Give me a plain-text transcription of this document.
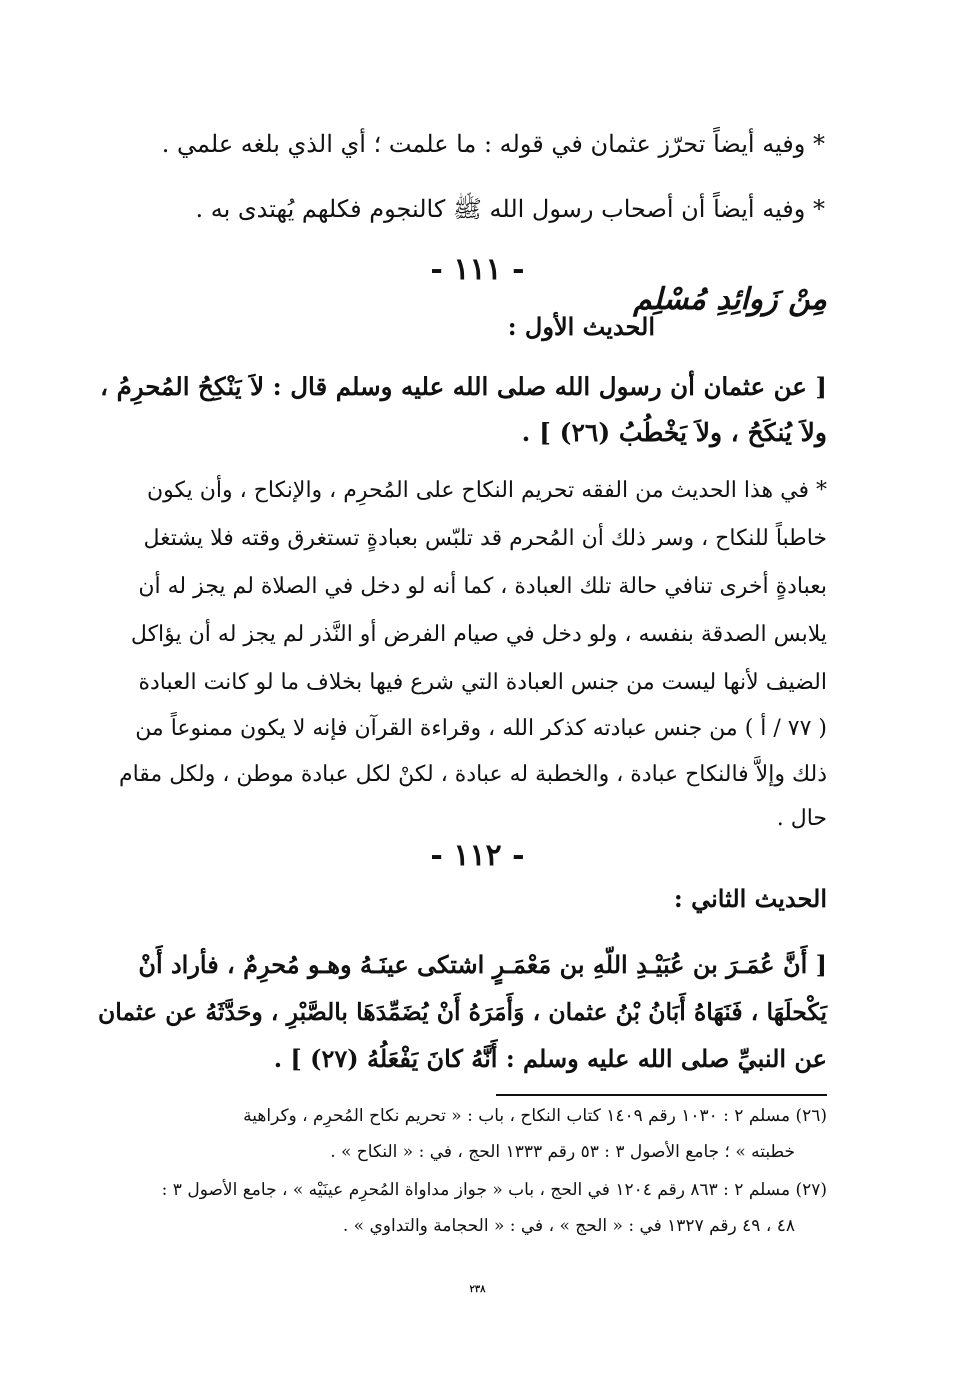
* وفيه أيضاً تحرّز عثمان في قوله : ما علمت ؛ أي الذي بلغه علمي .
* وفيه أيضاً أن أصحاب رسول الله ﷺ كالنجوم فكلهم يُهتدى به .
- ١١١ -
مِنْ زَوائِدِ مُسْلِم
الحديث الأول :
[ عن عثمان أن رسول الله صلى الله عليه وسلم قال : لاَ يَنْكِحُ المُحرِمُ ،
ولاَ يُنكَحُ ، ولاَ يَخْطُبُ (٢٦) ] .
* في هذا الحديث من الفقه تحريم النكاح على المُحرِم ، والإنكاح ، وأن يكون
خاطباً للنكاح ، وسر ذلك أن المُحرم قد تلبّس بعبادةٍ تستغرق وقته فلا يشتغل
بعبادةٍ أخرى تنافي حالة تلك العبادة ، كما أنه لو دخل في الصلاة لم يجز له أن
يلابس الصدقة بنفسه ، ولو دخل في صيام الفرض أو النَّذر لم يجز له أن يؤاكل
الضيف لأنها ليست من جنس العبادة التي شرع فيها بخلاف ما لو كانت العبادة
( ٧٧ / أ ) من جنس عبادته كذكر الله ، وقراءة القرآن فإنه لا يكون ممنوعاً من
ذلك وإلاَّ فالنكاح عبادة ، والخطبة له عبادة ، لكنْ لكل عبادة موطن ، ولكل مقام
حال .
- ١١٢ -
الحديث الثاني :
[ أَنَّ عُمَـرَ بن عُبَيْـدِ اللّهِ بن مَعْمَـرٍ اشتكى عينَـهُ وهـو مُحرِمٌ ، فأراد أَنْ
يَكْحلَهَا ، فَنَهَاهُ أَبَانُ بْنُ عثمان ، وَأَمَرَهُ أَنْ يُضَمِّدَهَا بالصَّبْرِ ، وحَدَّثَهُ عن عثمان
عن النبيِّ صلى الله عليه وسلم : أَنَّهُ كانَ يَفْعَلُهُ (٢٧) ] .
(٢٦) مسلم ٢ : ١٠٣٠ رقم ١٤٠٩ كتاب النكاح ، باب : « تحريم نكاح المُحرِم ، وكراهية
خطبته » ؛ جامع الأصول ٣ : ٥٣ رقم ١٣٣٣ الحج ، في : « النكاح » .
(٢٧) مسلم ٢ : ٨٦٣ رقم ١٢٠٤ في الحج ، باب « جواز مداواة المُحرِم عينَيْه » ، جامع الأصول ٣ :
٤٨ ، ٤٩ رقم ١٣٢٧ في : « الحج » ، في : « الحجامة والتداوي » .
٢٣٨
